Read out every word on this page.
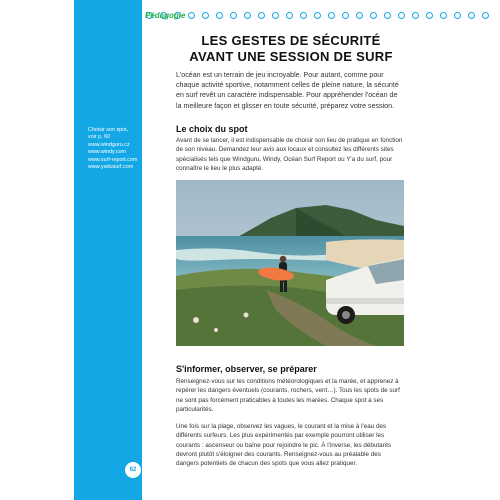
Pédagogie
LES GESTES DE SÉCURITÉ
AVANT UNE SESSION DE SURF
L'océan est un terrain de jeu incroyable. Pour autant, comme pour chaque activité sportive, notamment celles de pleine nature, la sécurité en surf revêt un caractère indispensable. Pour appréhender l'océan de la meilleure façon et glisser en toute sécurité, préparez votre session.
Choisir son spot,
voir p. 60
www.windguru.cz
www.windy.com
www.surf-report.com
www.yadusurf.com
Le choix du spot
Avant de se lancer, il est indispensable de choisir son lieu de pratique en fonction de son niveau. Demandez leur avis aux locaux et consultez les différents sites spécialisés tels que Windguru, Windy, Océan Surf Report ou Y'a du surf, pour connaître le lieu le plus adapté.
S'informer, observer, se préparer
Renseignez-vous sur les conditions météorologiques et la marée, et apprenez à repérer les dangers éventuels (courants, rochers, vent…). Tous les spots de surf ne sont pas forcément praticables à toutes les marées. Chaque spot a ses particularités.
Une fois sur la plage, observez les vagues, le courant et la mise à l'eau des différents surfeurs. Les plus expérimentés par exemple pourront utiliser les courants : ascenseur ou baïne pour rejoindre le pic. À l'inverse, les débutants devront plutôt s'éloigner des courants. Renseignez-vous au préalable des dangers potentiels de chacun des spots que vous allez pratiquer.
62
